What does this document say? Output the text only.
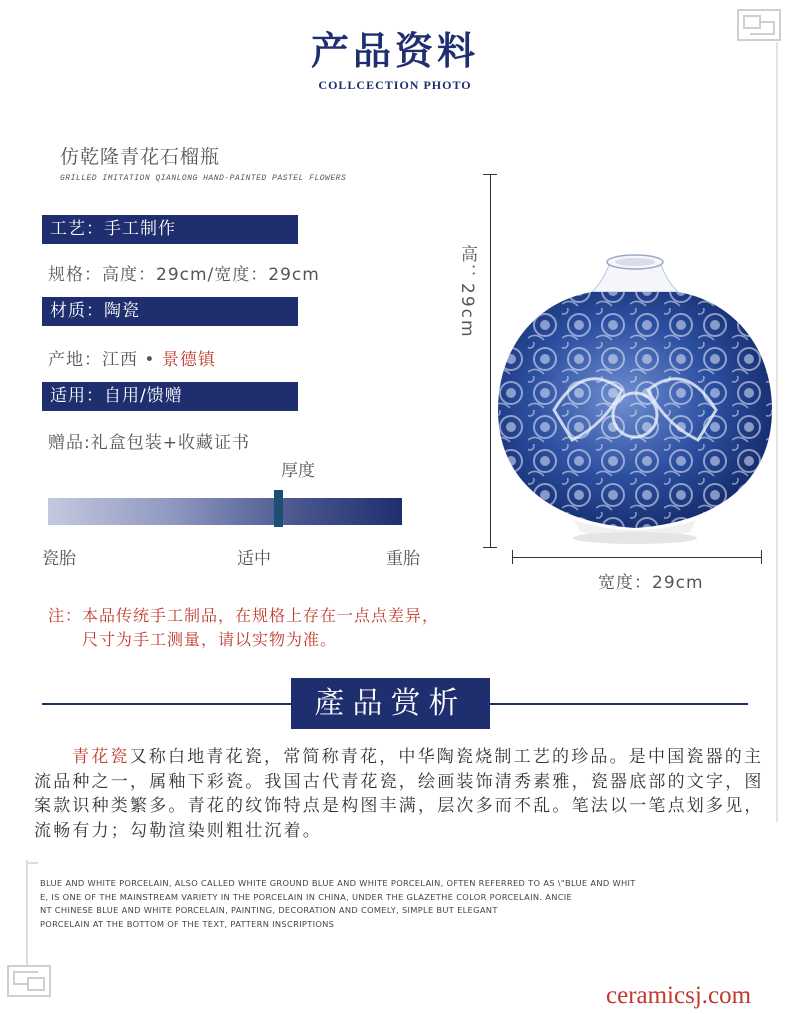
产品资料
COLLCECTION PHOTO
仿乾隆青花石榴瓶
GRILLED IMITATION QIANLONG HAND-PAINTED PASTEL FLOWERS
工艺：手工制作
规格：高度：29cm/宽度：29cm
材质：陶瓷
产地：江西 • 景德镇
适用：自用/馈赠
赠品:礼盒包装+收藏证书
厚度
瓷胎	适中	重胎
注：本品传统手工制品，在规格上存在一点点差异，
尺寸为手工测量，请以实物为准。
高：29cm
宽度：29cm
產品赏析
青花瓷又称白地青花瓷，常简称青花，中华陶瓷烧制工艺的珍品。是中国瓷器的主流品种之一，属釉下彩瓷。我国古代青花瓷，绘画装饰清秀素雅，瓷器底部的文字，图案款识种类繁多。青花的纹饰特点是构图丰满，层次多而不乱。笔法以一笔点划多见，流畅有力；勾勒渲染则粗壮沉着。
BLUE AND WHITE PORCELAIN, ALSO CALLED WHITE GROUND BLUE AND WHITE PORCELAIN, OFTEN REFERRED TO AS \"BLUE AND WHIT
E, IS ONE OF THE MAINSTREAM VARIETY IN THE PORCELAIN IN CHINA, UNDER THE GLAZETHE COLOR PORCELAIN. ANCIE
NT CHINESE BLUE AND WHITE PORCELAIN, PAINTING, DECORATION AND COMELY, SIMPLE BUT ELEGANT
PORCELAIN AT THE BOTTOM OF THE TEXT, PATTERN INSCRIPTIONS
ceramicsj.com
